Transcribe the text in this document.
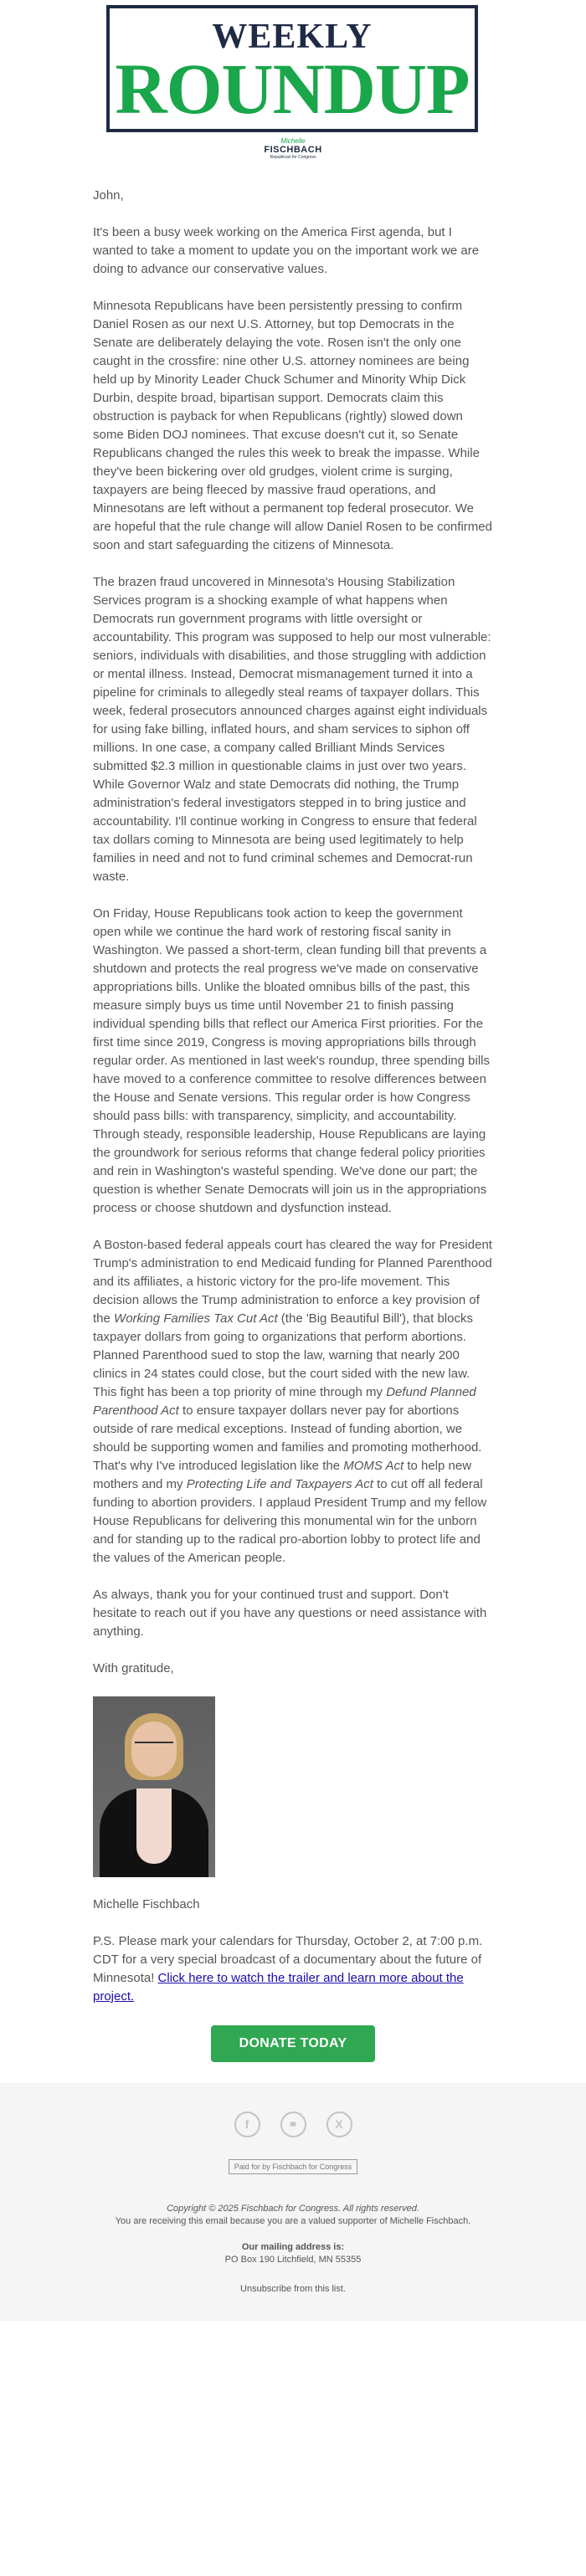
WEEKLY
ROUNDUP
Michelle
FISCHBACH
Republican for Congress

John,

It's been a busy week working on the America First agenda, but I wanted to take a moment to update you on the important work we are doing to advance our conservative values.

Minnesota Republicans have been persistently pressing to confirm Daniel Rosen as our next U.S. Attorney, but top Democrats in the Senate are deliberately delaying the vote. Rosen isn't the only one caught in the crossfire: nine other U.S. attorney nominees are being held up by Minority Leader Chuck Schumer and Minority Whip Dick Durbin, despite broad, bipartisan support. Democrats claim this obstruction is payback for when Republicans (rightly) slowed down some Biden DOJ nominees. That excuse doesn't cut it, so Senate Republicans changed the rules this week to break the impasse. While they've been bickering over old grudges, violent crime is surging, taxpayers are being fleeced by massive fraud operations, and Minnesotans are left without a permanent top federal prosecutor. We are hopeful that the rule change will allow Daniel Rosen to be confirmed soon and start safeguarding the citizens of Minnesota.

The brazen fraud uncovered in Minnesota's Housing Stabilization Services program is a shocking example of what happens when Democrats run government programs with little oversight or accountability. This program was supposed to help our most vulnerable: seniors, individuals with disabilities, and those struggling with addiction or mental illness. Instead, Democrat mismanagement turned it into a pipeline for criminals to allegedly steal reams of taxpayer dollars. This week, federal prosecutors announced charges against eight individuals for using fake billing, inflated hours, and sham services to siphon off millions. In one case, a company called Brilliant Minds Services submitted $2.3 million in questionable claims in just over two years. While Governor Walz and state Democrats did nothing, the Trump administration's federal investigators stepped in to bring justice and accountability. I'll continue working in Congress to ensure that federal tax dollars coming to Minnesota are being used legitimately to help families in need and not to fund criminal schemes and Democrat-run waste.

On Friday, House Republicans took action to keep the government open while we continue the hard work of restoring fiscal sanity in Washington. We passed a short-term, clean funding bill that prevents a shutdown and protects the real progress we've made on conservative appropriations bills. Unlike the bloated omnibus bills of the past, this measure simply buys us time until November 21 to finish passing individual spending bills that reflect our America First priorities. For the first time since 2019, Congress is moving appropriations bills through regular order. As mentioned in last week's roundup, three spending bills have moved to a conference committee to resolve differences between the House and Senate versions. This regular order is how Congress should pass bills: with transparency, simplicity, and accountability. Through steady, responsible leadership, House Republicans are laying the groundwork for serious reforms that change federal policy priorities and rein in Washington's wasteful spending. We've done our part; the question is whether Senate Democrats will join us in the appropriations process or choose shutdown and dysfunction instead.

A Boston-based federal appeals court has cleared the way for President Trump's administration to end Medicaid funding for Planned Parenthood and its affiliates, a historic victory for the pro-life movement. This decision allows the Trump administration to enforce a key provision of the Working Families Tax Cut Act (the 'Big Beautiful Bill'), that blocks taxpayer dollars from going to organizations that perform abortions. Planned Parenthood sued to stop the law, warning that nearly 200 clinics in 24 states could close, but the court sided with the new law. This fight has been a top priority of mine through my Defund Planned Parenthood Act to ensure taxpayer dollars never pay for abortions outside of rare medical exceptions. Instead of funding abortion, we should be supporting women and families and promoting motherhood. That's why I've introduced legislation like the MOMS Act to help new mothers and my Protecting Life and Taxpayers Act to cut off all federal funding to abortion providers. I applaud President Trump and my fellow House Republicans for delivering this monumental win for the unborn and for standing up to the radical pro-abortion lobby to protect life and the values of the American people.

As always, thank you for your continued trust and support. Don't hesitate to reach out if you have any questions or need assistance with anything.

With gratitude,

Michelle Fischbach

P.S. Please mark your calendars for Thursday, October 2, at 7:00 p.m. CDT for a very special broadcast of a documentary about the future of Minnesota! Click here to watch the trailer and learn more about the project.

DONATE TODAY
f	⚭	X
Paid for by Fischbach for Congress
Copyright © 2025 Fischbach for Congress. All rights reserved.
You are receiving this email because you are a valued supporter of Michelle Fischbach.
Our mailing address is:
PO Box 190 Litchfield, MN 55355
Unsubscribe from this list.
